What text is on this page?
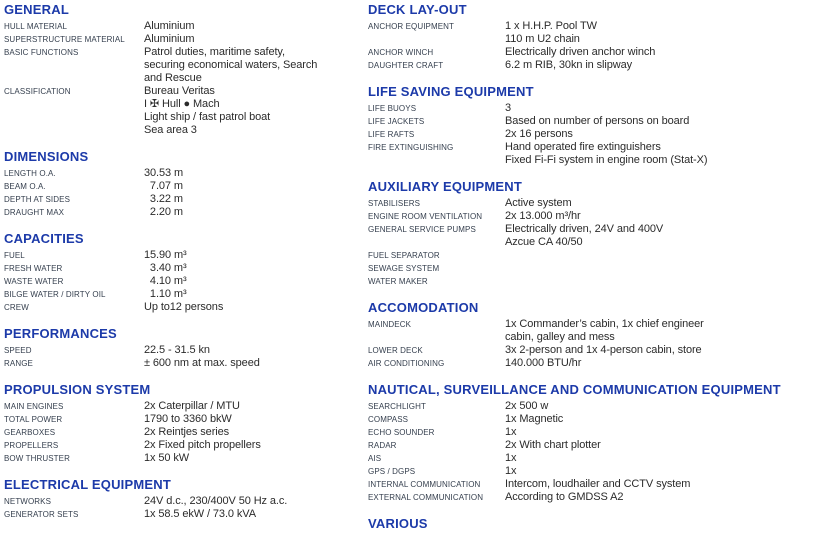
GENERAL
HULL MATERIAL	Aluminium
SUPERSTRUCTURE MATERIAL	Aluminium
BASIC FUNCTIONS	Patrol duties, maritime safety,
securing economical waters, Search
and Rescue
CLASSIFICATION	Bureau Veritas
I ✠ Hull ● Mach
Light ship / fast patrol boat
Sea area 3
DIMENSIONS
LENGTH O.A.	30.53 m
BEAM O.A.	7.07 m
DEPTH AT SIDES	3.22 m
DRAUGHT MAX	2.20 m
CAPACITIES
FUEL	15.90 m³
FRESH WATER	3.40 m³
WASTE WATER	4.10 m³
BILGE WATER / DIRTY OIL	1.10 m³
CREW	Up to12 persons
PERFORMANCES
SPEED	22.5 - 31.5 kn
RANGE	± 600 nm at max. speed
PROPULSION SYSTEM
MAIN ENGINES	2x Caterpillar / MTU
TOTAL POWER	1790 to 3360 bkW
GEARBOXES	2x Reintjes series
PROPELLERS	2x Fixed pitch propellers
BOW THRUSTER	1x 50 kW
ELECTRICAL EQUIPMENT
NETWORKS	24V d.c., 230/400V 50 Hz a.c.
GENERATOR SETS	1x 58.5 ekW / 73.0 kVA
DECK LAY-OUT
ANCHOR EQUIPMENT	1 x H.H.P. Pool TW
110 m U2 chain
ANCHOR WINCH	Electrically driven anchor winch
DAUGHTER CRAFT	6.2 m RIB, 30kn in slipway
LIFE SAVING EQUIPMENT
LIFE BUOYS	3
LIFE JACKETS	Based on number of persons on board
LIFE RAFTS	2x 16 persons
FIRE EXTINGUISHING	Hand operated fire extinguishers
Fixed Fi-Fi system in engine room (Stat-X)
AUXILIARY EQUIPMENT
STABILISERS	Active system
ENGINE ROOM VENTILATION	2x 13.000 m³/hr
GENERAL SERVICE PUMPS	Electrically driven, 24V and 400V
Azcue CA 40/50
FUEL SEPARATOR
SEWAGE SYSTEM
WATER MAKER
ACCOMODATION
MAINDECK	1x Commander’s cabin, 1x chief engineer
cabin, galley and mess
LOWER DECK	3x 2-person and 1x 4-person cabin, store
AIR CONDITIONING	140.000 BTU/hr
NAUTICAL, SURVEILLANCE AND COMMUNICATION EQUIPMENT
SEARCHLIGHT	2x 500 w
COMPASS	1x Magnetic
ECHO SOUNDER	1x
RADAR	2x With chart plotter
AIS	1x
GPS / DGPS	1x
INTERNAL COMMUNICATION	Intercom, loudhailer and CCTV system
EXTERNAL COMMUNICATION	According to GMDSS A2
VARIOUS
